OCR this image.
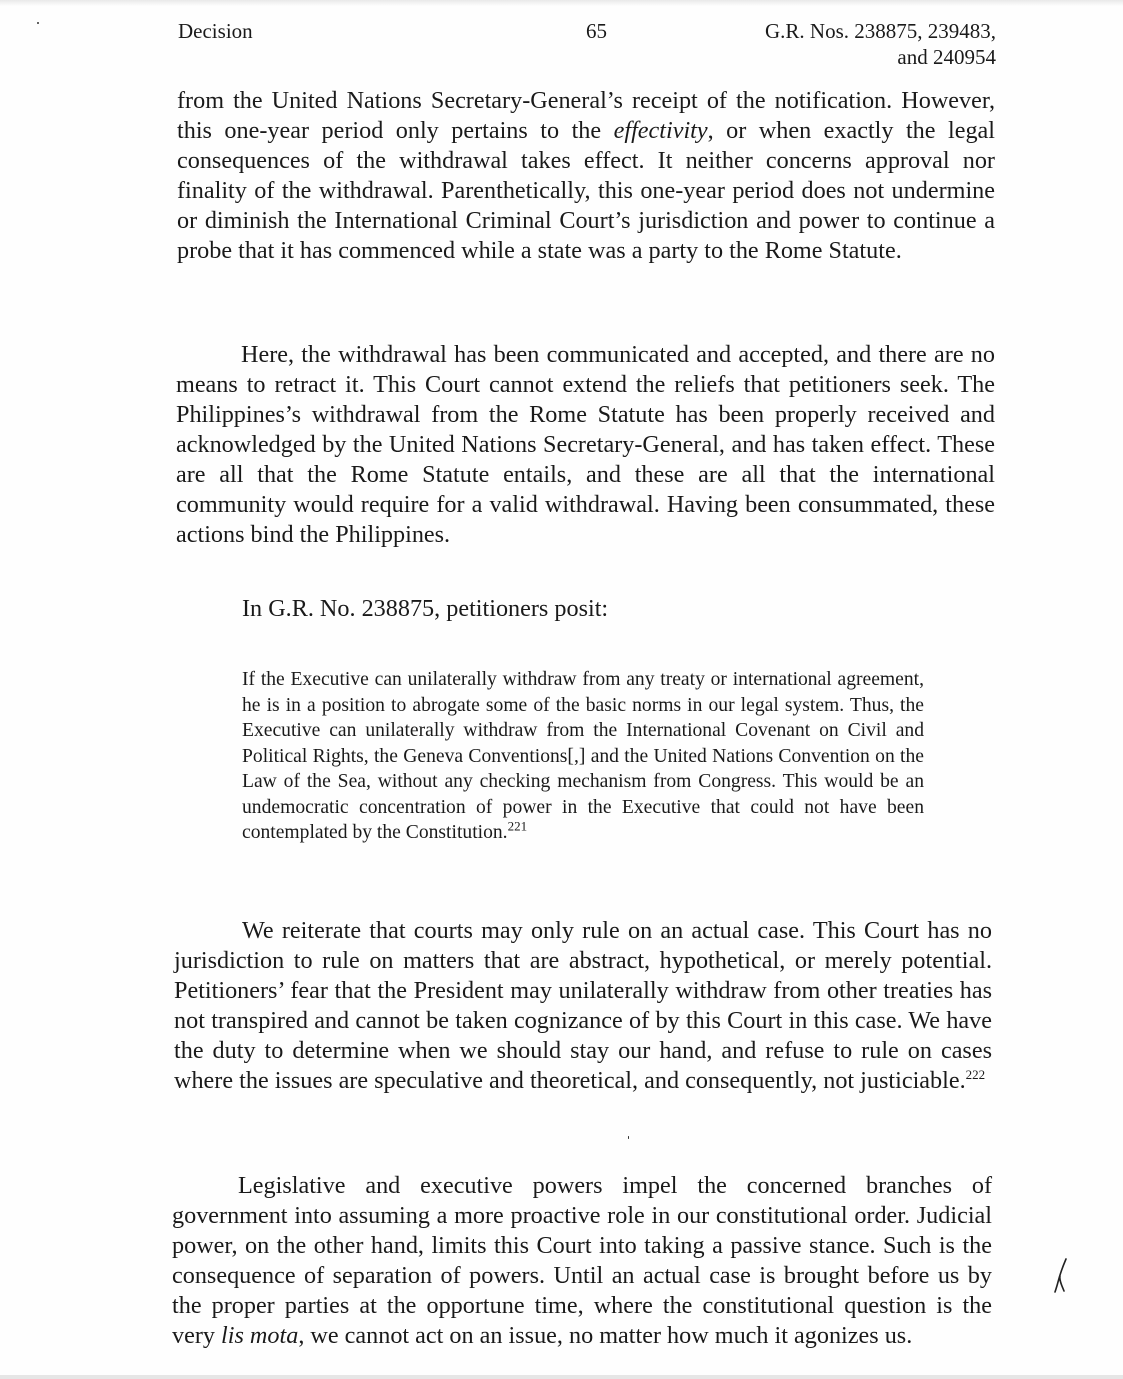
Decision	65	G.R. Nos. 238875, 239483,
and 240954

from the United Nations Secretary-General’s receipt of the notification. However, this one-year period only pertains to the effectivity, or when exactly the legal consequences of the withdrawal takes effect. It neither concerns approval nor finality of the withdrawal. Parenthetically, this one-year period does not undermine or diminish the International Criminal Court’s jurisdiction and power to continue a probe that it has commenced while a state was a party to the Rome Statute.

Here, the withdrawal has been communicated and accepted, and there are no means to retract it. This Court cannot extend the reliefs that petitioners seek. The Philippines’s withdrawal from the Rome Statute has been properly received and acknowledged by the United Nations Secretary-General, and has taken effect. These are all that the Rome Statute entails, and these are all that the international community would require for a valid withdrawal. Having been consummated, these actions bind the Philippines.

In G.R. No. 238875, petitioners posit:

If the Executive can unilaterally withdraw from any treaty or international agreement, he is in a position to abrogate some of the basic norms in our legal system. Thus, the Executive can unilaterally withdraw from the International Covenant on Civil and Political Rights, the Geneva Conventions[,] and the United Nations Convention on the Law of the Sea, without any checking mechanism from Congress. This would be an undemocratic concentration of power in the Executive that could not have been contemplated by the Constitution.$^{221}$

We reiterate that courts may only rule on an actual case. This Court has no jurisdiction to rule on matters that are abstract, hypothetical, or merely potential. Petitioners’ fear that the President may unilaterally withdraw from other treaties has not transpired and cannot be taken cognizance of by this Court in this case. We have the duty to determine when we should stay our hand, and refuse to rule on cases where the issues are speculative and theoretical, and consequently, not justiciable.$^{222}$

Legislative and executive powers impel the concerned branches of government into assuming a more proactive role in our constitutional order. Judicial power, on the other hand, limits this Court into taking a passive stance. Such is the consequence of separation of powers. Until an actual case is brought before us by the proper parties at the opportune time, where the constitutional question is the very lis mota, we cannot act on an issue, no matter how much it agonizes us.
